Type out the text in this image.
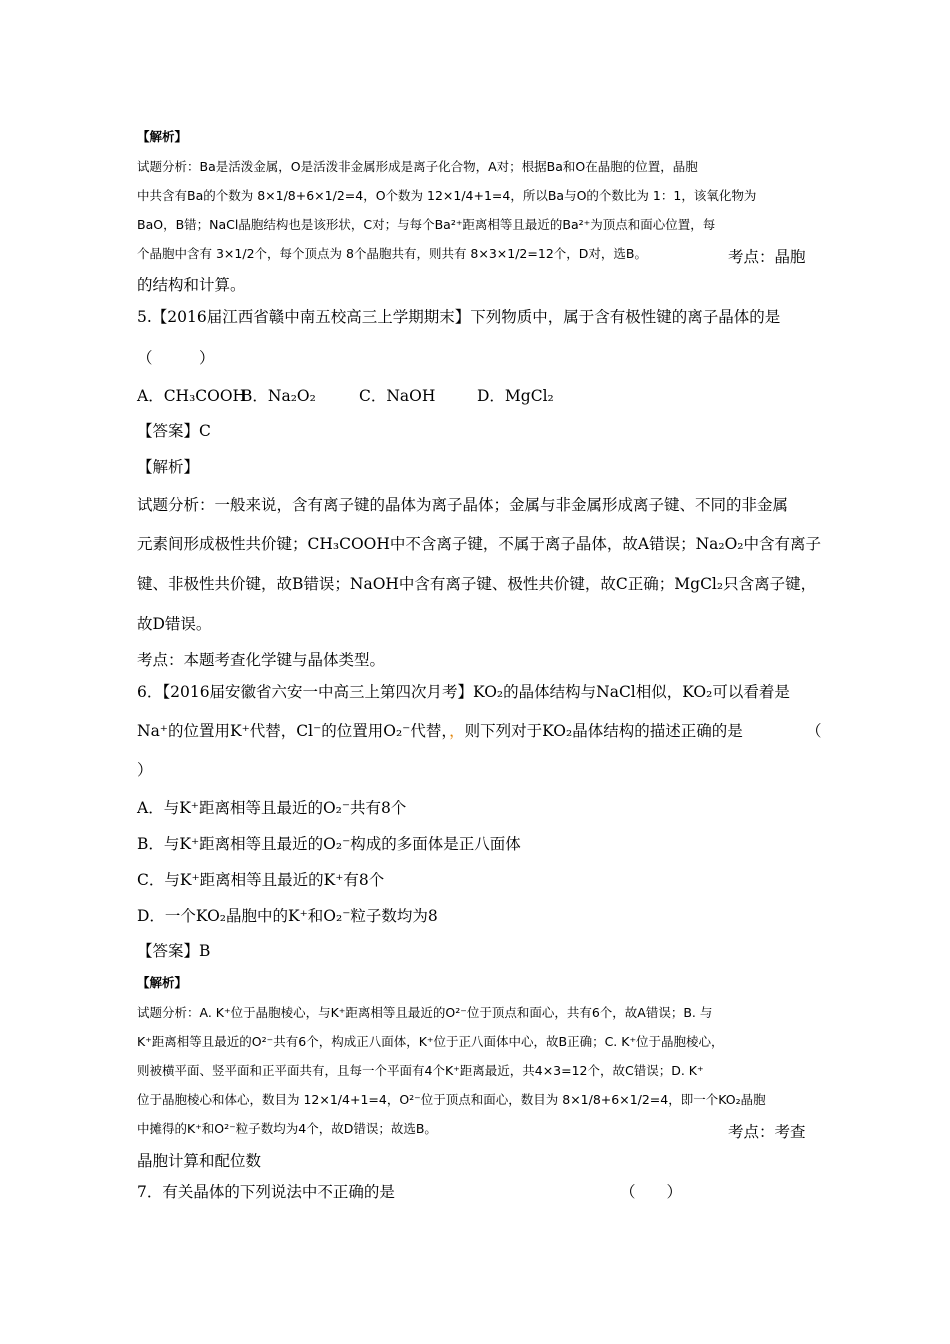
【解析】
试题分析：Ba是活泼金属，O是活泼非金属形成是离子化合物，A对；根据Ba和O在晶胞的位置，晶胞
中共含有Ba的个数为 8×1/8+6×1/2=4，O个数为 12×1/4+1=4，所以Ba与O的个数比为 1：1，该氧化物为
BaO，B错；NaCl晶胞结构也是该形状，C对；与每个Ba²⁺距离相等且最近的Ba²⁺为顶点和面心位置，每
个晶胞中含有 3×1/2个，每个顶点为 8个晶胞共有，则共有 8×3×1/2=12个，D对，选B。	考点：晶胞
的结构和计算。
5.【2016届江西省赣中南五校高三上学期期末】下列物质中，属于含有极性键的离子晶体的是
（　　　）
A．CH₃COOHB．Na₂O₂	C．NaOH	D．MgCl₂
【答案】C
【解析】
试题分析：一般来说，含有离子键的晶体为离子晶体；金属与非金属形成离子键、不同的非金属
元素间形成极性共价键；CH₃COOH中不含离子键，不属于离子晶体，故A错误；Na₂O₂中含有离子
键、非极性共价键，故B错误；NaOH中含有离子键、极性共价键，故C正确；MgCl₂只含离子键，
故D错误。
考点：本题考查化学键与晶体类型。
6．【2016届安徽省六安一中高三上第四次月考】KO₂的晶体结构与NaCl相似，KO₂可以看着是
Na⁺的位置用K⁺代替，Cl⁻的位置用O₂⁻代替，，则下列对于KO₂晶体结构的描述正确的是	（
）
A．与K⁺距离相等且最近的O₂⁻共有8个
B．与K⁺距离相等且最近的O₂⁻构成的多面体是正八面体
C．与K⁺距离相等且最近的K⁺有8个
D．一个KO₂晶胞中的K⁺和O₂⁻粒子数均为8
【答案】B
【解析】
试题分析：A. K⁺位于晶胞棱心，与K⁺距离相等且最近的O²⁻位于顶点和面心，共有6个，故A错误；B. 与
K⁺距离相等且最近的O²⁻共有6个，构成正八面体，K⁺位于正八面体中心，故B正确；C. K⁺位于晶胞棱心，
则被横平面、竖平面和正平面共有，且每一个平面有4个K⁺距离最近，共4×3=12个，故C错误；D. K⁺
位于晶胞棱心和体心，数目为 12×1/4+1=4，O²⁻位于顶点和面心，数目为 8×1/8+6×1/2=4，即一个KO₂晶胞
中摊得的K⁺和O²⁻粒子数均为4个，故D错误；故选B。	考点：考查
晶胞计算和配位数
7．有关晶体的下列说法中不正确的是	（　　）
